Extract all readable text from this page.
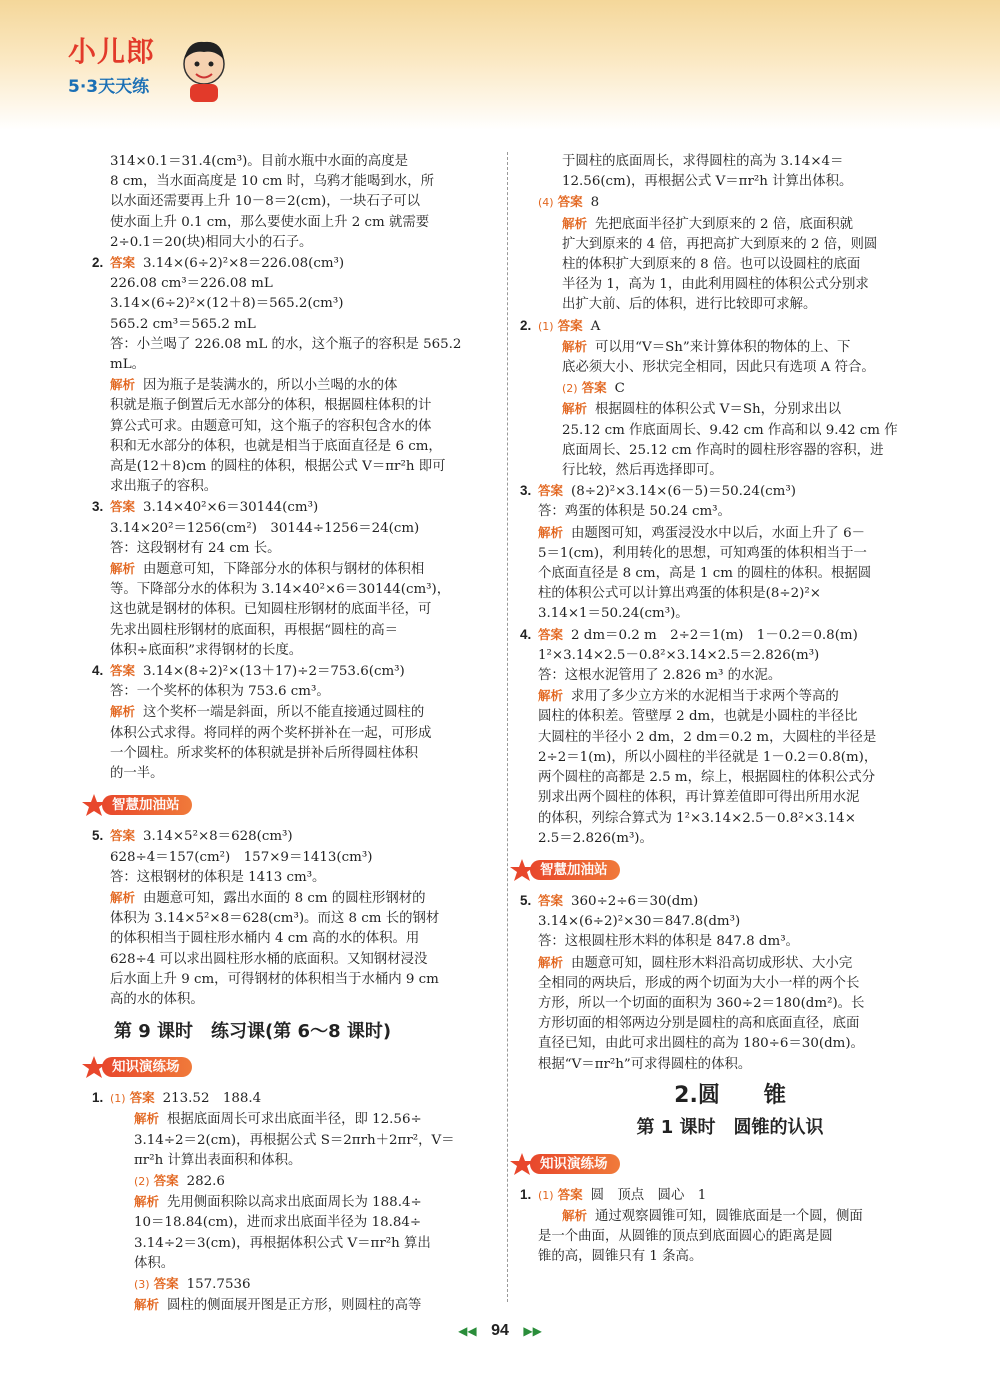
小儿郎
5·3天天练

314×0.1＝31.4(cm³)。目前水瓶中水面的高度是

8 cm，当水面高度是 10 cm 时，乌鸦才能喝到水，所

以水面还需要再上升 10－8＝2(cm)，一块石子可以

使水面上升 0.1 cm，那么要使水面上升 2 cm 就需要

2÷0.1＝20(块)相同大小的石子。

2. 答案 3.14×(6÷2)²×8＝226.08(cm³)

226.08 cm³＝226.08 mL

3.14×(6÷2)²×(12＋8)＝565.2(cm³)

565.2 cm³＝565.2 mL

答：小兰喝了 226.08 mL 的水，这个瓶子的容积是 565.2 mL。

解析 因为瓶子是装满水的，所以小兰喝的水的体

积就是瓶子倒置后无水部分的体积，根据圆柱体积的计

算公式可求。由题意可知，这个瓶子的容积包含水的体

积和无水部分的体积，也就是相当于底面直径是 6 cm，

高是(12＋8)cm 的圆柱的体积，根据公式 V＝πr²h 即可

求出瓶子的容积。

3. 答案 3.14×40²×6＝30144(cm³)

3.14×20²＝1256(cm²)　30144÷1256＝24(cm)

答：这段钢材有 24 cm 长。

解析 由题意可知，下降部分水的体积与钢材的体积相

等。下降部分水的体积为 3.14×40²×6＝30144(cm³)，

这也就是钢材的体积。已知圆柱形钢材的底面半径，可

先求出圆柱形钢材的底面积，再根据“圆柱的高＝

体积÷底面积”求得钢材的长度。

4. 答案 3.14×(8÷2)²×(13＋17)÷2＝753.6(cm³)

答：一个奖杯的体积为 753.6 cm³。

解析 这个奖杯一端是斜面，所以不能直接通过圆柱的

体积公式求得。将同样的两个奖杯拼补在一起，可形成

一个圆柱。所求奖杯的体积就是拼补后所得圆柱体积

的一半。

智慧加油站

5. 答案 3.14×5²×8＝628(cm³)

628÷4＝157(cm²)　157×9＝1413(cm³)

答：这根钢材的体积是 1413 cm³。

解析 由题意可知，露出水面的 8 cm 的圆柱形钢材的

体积为 3.14×5²×8＝628(cm³)。而这 8 cm 长的钢材

的体积相当于圆柱形水桶内 4 cm 高的水的体积。用

628÷4 可以求出圆柱形水桶的底面积。又知钢材浸没

后水面上升 9 cm，可得钢材的体积相当于水桶内 9 cm

高的水的体积。

第 9 课时　练习课(第 6～8 课时)
知识演练场

1. (1) 答案 213.52　188.4

解析 根据底面周长可求出底面半径，即 12.56÷

3.14÷2＝2(cm)，再根据公式 S＝2πrh＋2πr²，V＝

πr²h 计算出表面积和体积。

(2) 答案 282.6

解析 先用侧面积除以高求出底面周长为 188.4÷

10＝18.84(cm)，进而求出底面半径为 18.84÷

3.14÷2＝3(cm)，再根据体积公式 V＝πr²h 算出

体积。

(3) 答案 157.7536

解析 圆柱的侧面展开图是正方形，则圆柱的高等

于圆柱的底面周长，求得圆柱的高为 3.14×4＝

12.56(cm)，再根据公式 V＝πr²h 计算出体积。

(4) 答案 8

解析 先把底面半径扩大到原来的 2 倍，底面积就

扩大到原来的 4 倍，再把高扩大到原来的 2 倍，则圆

柱的体积扩大到原来的 8 倍。也可以设圆柱的底面

半径为 1，高为 1，由此利用圆柱的体积公式分别求

出扩大前、后的体积，进行比较即可求解。

2. (1) 答案 A

解析 可以用“V＝Sh”来计算体积的物体的上、下

底必须大小、形状完全相同，因此只有选项 A 符合。

(2) 答案 C

解析 根据圆柱的体积公式 V＝Sh，分别求出以

25.12 cm 作底面周长、9.42 cm 作高和以 9.42 cm 作

底面周长、25.12 cm 作高时的圆柱形容器的容积，进

行比较，然后再选择即可。

3. 答案 (8÷2)²×3.14×(6－5)＝50.24(cm³)

答：鸡蛋的体积是 50.24 cm³。

解析 由题图可知，鸡蛋浸没水中以后，水面上升了 6－

5＝1(cm)，利用转化的思想，可知鸡蛋的体积相当于一

个底面直径是 8 cm，高是 1 cm 的圆柱的体积。根据圆

柱的体积公式可以计算出鸡蛋的体积是(8÷2)²×

3.14×1＝50.24(cm³)。

4. 答案 2 dm＝0.2 m　2÷2＝1(m)　1－0.2＝0.8(m)

1²×3.14×2.5－0.8²×3.14×2.5＝2.826(m³)

答：这根水泥管用了 2.826 m³ 的水泥。

解析 求用了多少立方米的水泥相当于求两个等高的

圆柱的体积差。管壁厚 2 dm，也就是小圆柱的半径比

大圆柱的半径小 2 dm，2 dm＝0.2 m，大圆柱的半径是

2÷2＝1(m)，所以小圆柱的半径就是 1－0.2＝0.8(m)，

两个圆柱的高都是 2.5 m，综上，根据圆柱的体积公式分

别求出两个圆柱的体积，再计算差值即可得出所用水泥

的体积，列综合算式为 1²×3.14×2.5－0.8²×3.14×

2.5＝2.826(m³)。

智慧加油站

5. 答案 360÷2÷6＝30(dm)

3.14×(6÷2)²×30＝847.8(dm³)

答：这根圆柱形木料的体积是 847.8 dm³。

解析 由题意可知，圆柱形木料沿高切成形状、大小完

全相同的两块后，形成的两个切面为大小一样的两个长

方形，所以一个切面的面积为 360÷2＝180(dm²)。长

方形切面的相邻两边分别是圆柱的高和底面直径，底面

直径已知，由此可求出圆柱的高为 180÷6＝30(dm)。

根据“V＝πr²h”可求得圆柱的体积。

2.圆　　锥
第 1 课时　圆锥的认识
知识演练场

1. (1) 答案 圆　顶点　圆心　1

解析 通过观察圆锥可知，圆锥底面是一个圆，侧面

是一个曲面，从圆锥的顶点到底面圆心的距离是圆

锥的高，圆锥只有 1 条高。

◀◀ 94 ▶▶
